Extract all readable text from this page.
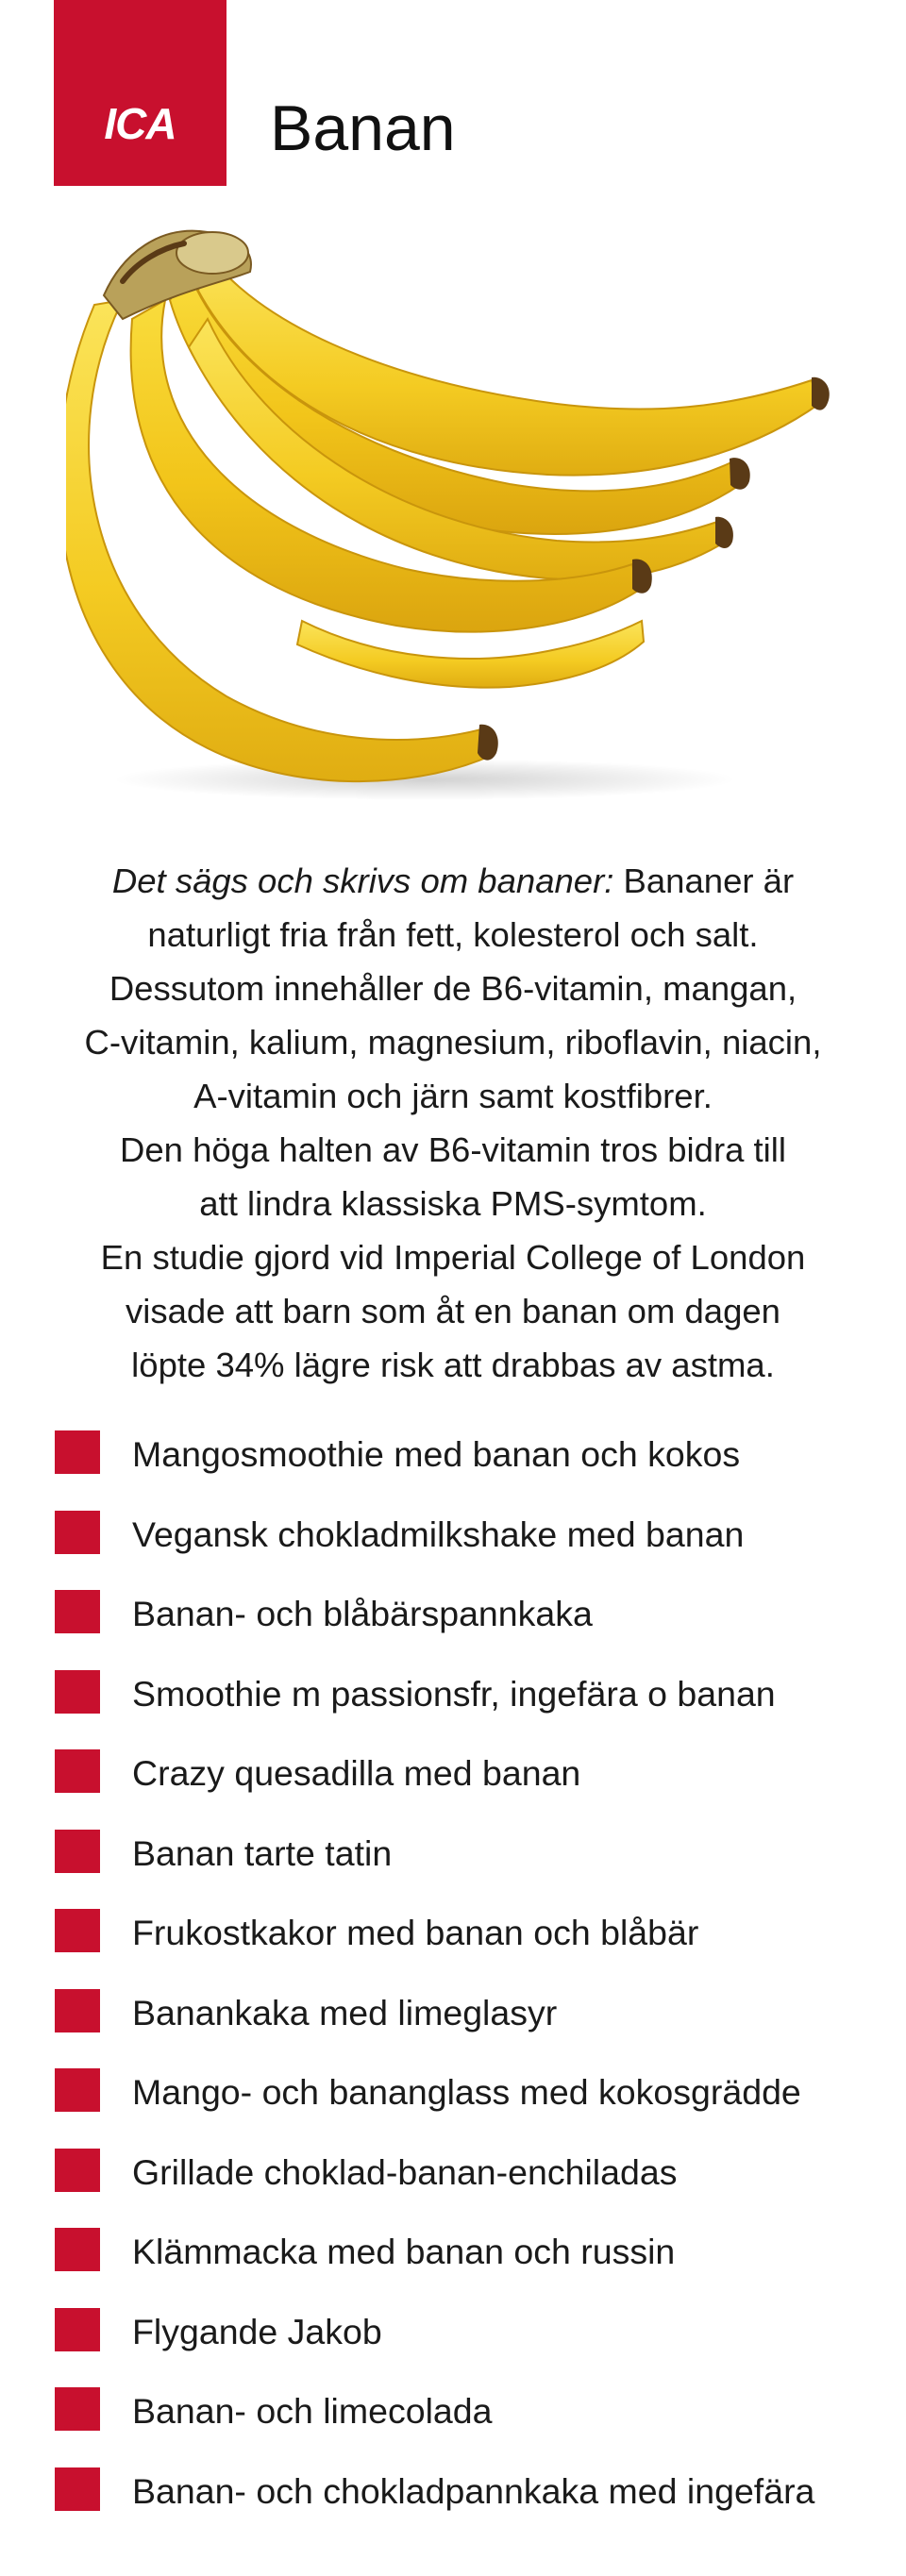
ICA	Banan
Det sägs och skrivs om bananer: Bananer är
naturligt fria från fett, kolesterol och salt.
Dessutom innehåller de B6-vitamin, mangan,
C-vitamin, kalium, magnesium, riboflavin, niacin,
A-vitamin och järn samt kostfibrer.
Den höga halten av B6-vitamin tros bidra till
att lindra klassiska PMS-symtom.
En studie gjord vid Imperial College of London
visade att barn som åt en banan om dagen
löpte 34% lägre risk att drabbas av astma.
Mangosmoothie med banan och kokos
Vegansk chokladmilkshake med banan
Banan- och blåbärspannkaka
Smoothie m passionsfr, ingefära o banan
Crazy quesadilla med banan
Banan tarte tatin
Frukostkakor med banan och blåbär
Banankaka med limeglasyr
Mango- och bananglass med kokosgrädde
Grillade choklad-banan-enchiladas
Klämmacka med banan och russin
Flygande Jakob
Banan- och limecolada
Banan- och chokladpannkaka med ingefära
